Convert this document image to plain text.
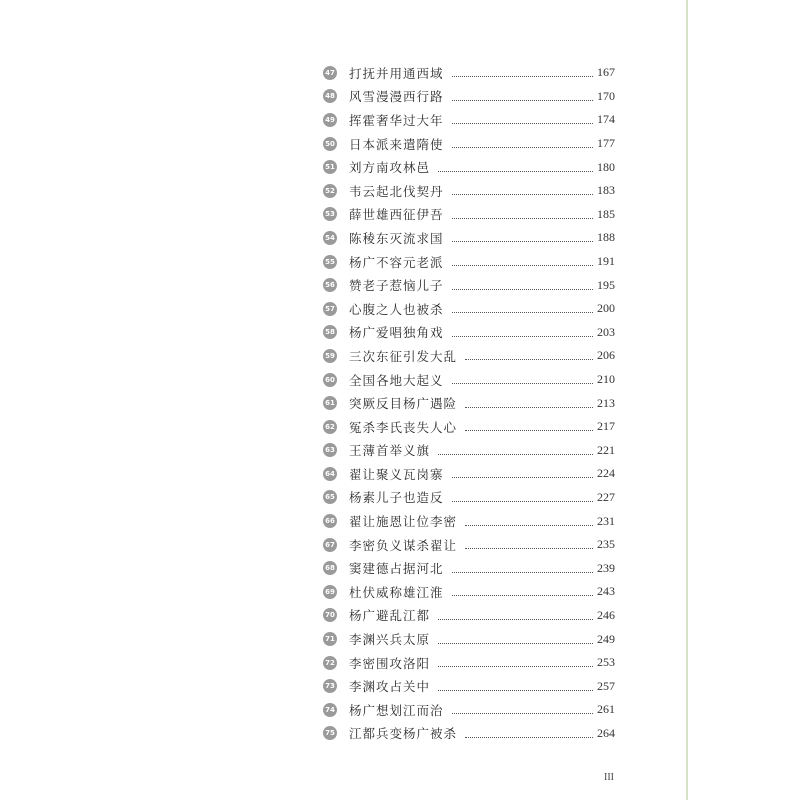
47 打抚并用通西域	167
48 风雪漫漫西行路	170
49 挥霍奢华过大年	174
50 日本派来遣隋使	177
51 刘方南攻林邑	180
52 韦云起北伐契丹	183
53 薛世雄西征伊吾	185
54 陈稜东灭流求国	188
55 杨广不容元老派	191
56 赞老子惹恼儿子	195
57 心腹之人也被杀	200
58 杨广爱唱独角戏	203
59 三次东征引发大乱	206
60 全国各地大起义	210
61 突厥反目杨广遇险	213
62 冤杀李氏丧失人心	217
63 王薄首举义旗	221
64 翟让聚义瓦岗寨	224
65 杨素儿子也造反	227
66 翟让施恩让位李密	231
67 李密负义谋杀翟让	235
68 窦建德占据河北	239
69 杜伏威称雄江淮	243
70 杨广避乱江都	246
71 李渊兴兵太原	249
72 李密围攻洛阳	253
73 李渊攻占关中	257
74 杨广想划江而治	261
75 江都兵变杨广被杀	264
III
